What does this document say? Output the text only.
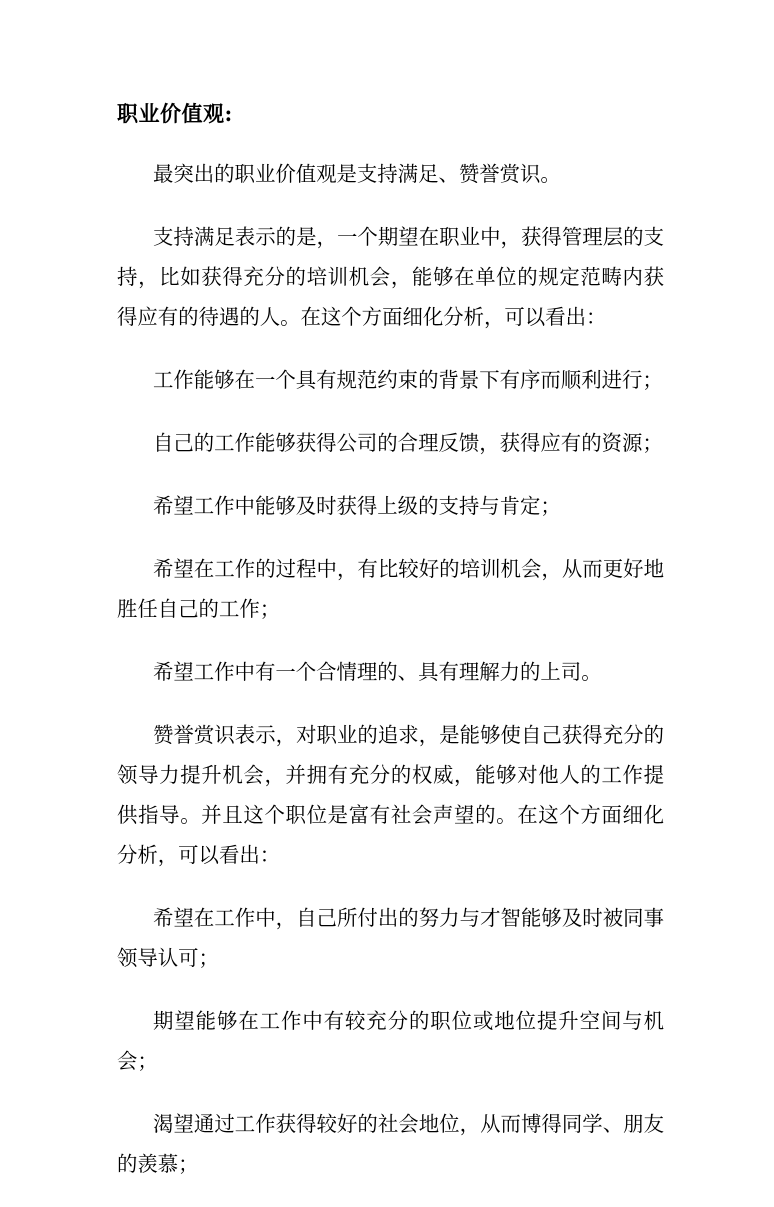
职业价值观:

最突出的职业价值观是支持满足、赞誉赏识。

支持满足表示的是，一个期望在职业中，获得管理层的支持，比如获得充分的培训机会，能够在单位的规定范畴内获得应有的待遇的人。在这个方面细化分析，可以看出：

工作能够在一个具有规范约束的背景下有序而顺利进行；

自己的工作能够获得公司的合理反馈，获得应有的资源；

希望工作中能够及时获得上级的支持与肯定；

希望在工作的过程中，有比较好的培训机会，从而更好地胜任自己的工作；

希望工作中有一个合情理的、具有理解力的上司。

赞誉赏识表示，对职业的追求，是能够使自己获得充分的领导力提升机会，并拥有充分的权威，能够对他人的工作提供指导。并且这个职位是富有社会声望的。在这个方面细化分析，可以看出：

希望在工作中，自己所付出的努力与才智能够及时被同事领导认可；

期望能够在工作中有较充分的职位或地位提升空间与机会；

渴望通过工作获得较好的社会地位，从而博得同学、朋友的羡慕；
